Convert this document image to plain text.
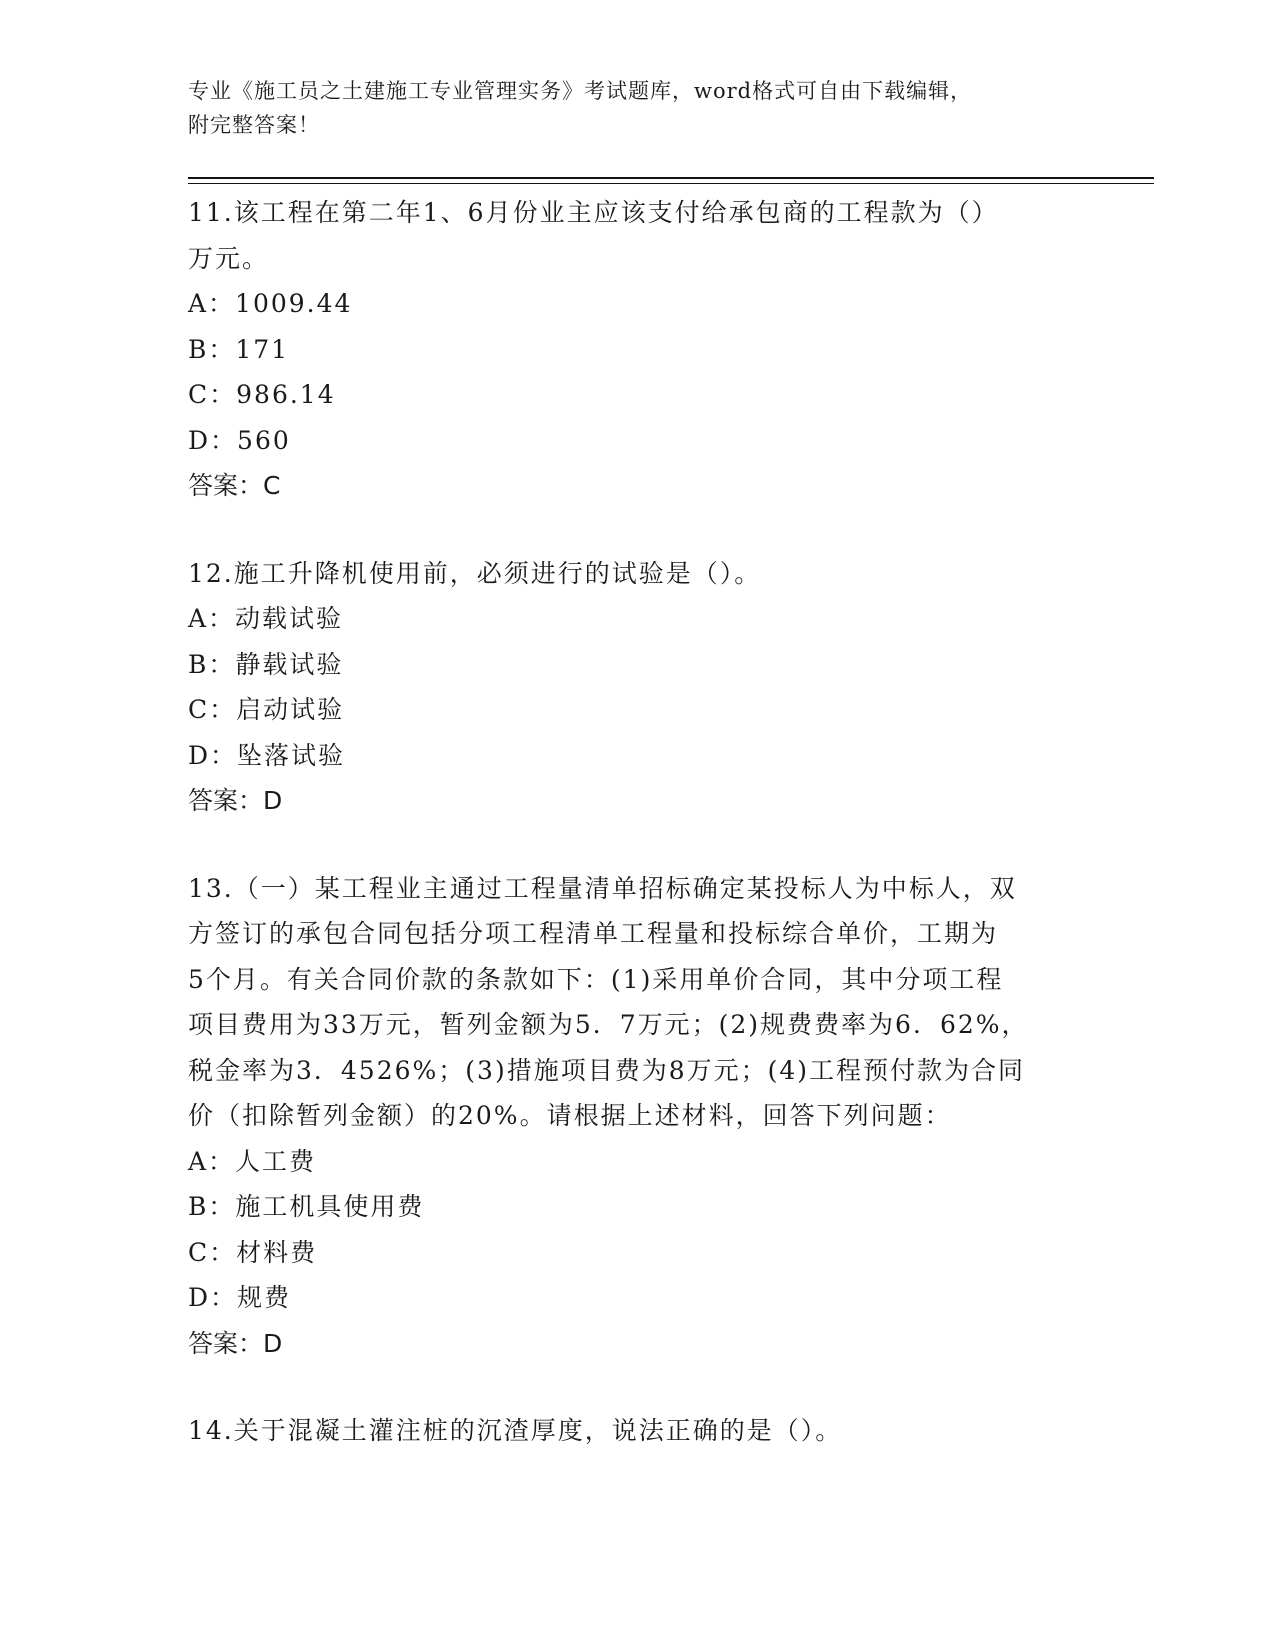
专业《施工员之土建施工专业管理实务》考试题库，word格式可自由下载编辑，
附完整答案！

11.该工程在第二年1、6月份业主应该支付给承包商的工程款为（）

万元。

A：1009.44

B：171

C：986.14

D：560

答案：C

12.施工升降机使用前，必须进行的试验是（）。

A：动载试验

B：静载试验

C：启动试验

D：坠落试验

答案：D

13.（一）某工程业主通过工程量清单招标确定某投标人为中标人，双

方签订的承包合同包括分项工程清单工程量和投标综合单价，工期为

5个月。有关合同价款的条款如下：(1)采用单价合同，其中分项工程

项目费用为33万元，暂列金额为5．7万元；(2)规费费率为6．62%，

税金率为3．4526%；(3)措施项目费为8万元；(4)工程预付款为合同

价（扣除暂列金额）的20%。请根据上述材料，回答下列问题：

A：人工费

B：施工机具使用费

C：材料费

D：规费

答案：D

14.关于混凝土灌注桩的沉渣厚度，说法正确的是（）。
